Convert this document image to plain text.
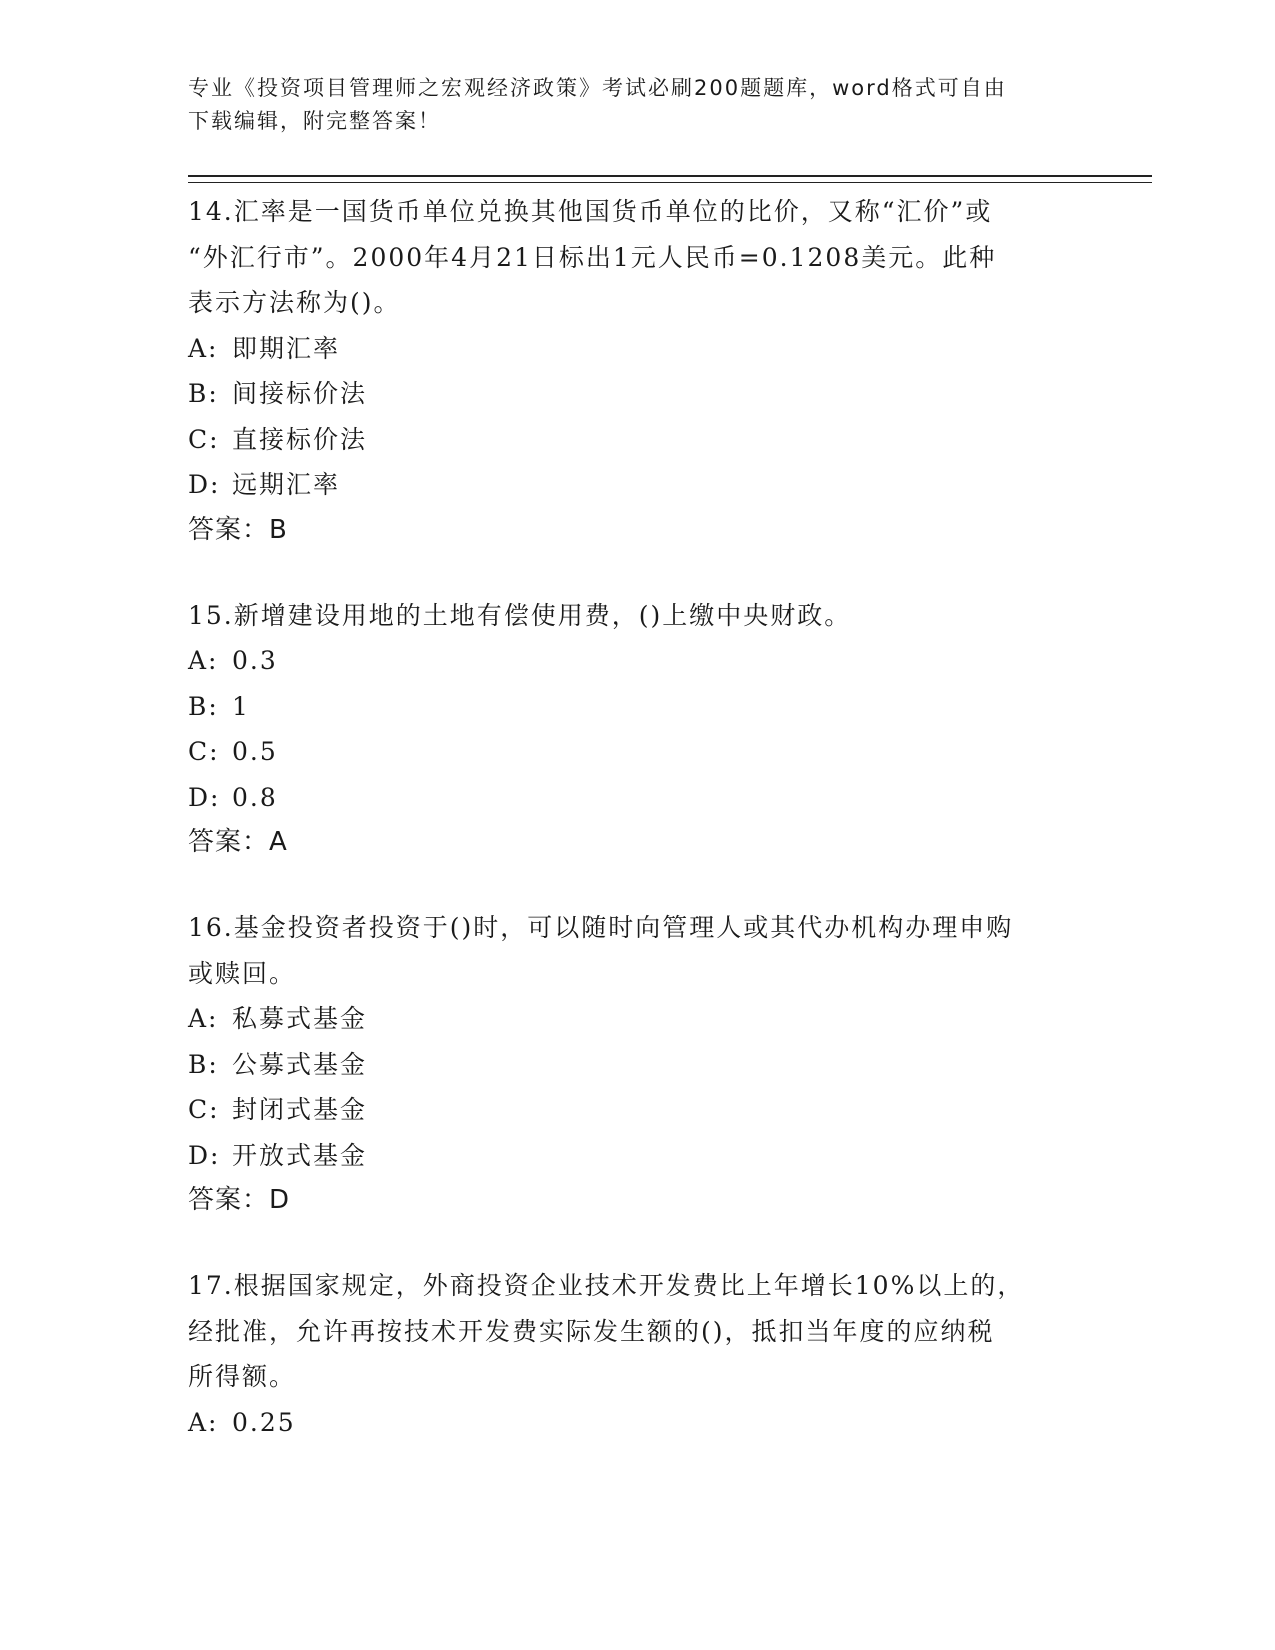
专业《投资项目管理师之宏观经济政策》考试必刷200题题库，word格式可自由
下载编辑，附完整答案！
14.汇率是一国货币单位兑换其他国货币单位的比价，又称“汇价”或
“外汇行市”。2000年4月21日标出1元人民币=0.1208美元。此种
表示方法称为()。
A: 即期汇率
B: 间接标价法
C: 直接标价法
D: 远期汇率
答案：B
15.新增建设用地的土地有偿使用费，()上缴中央财政。
A: 0.3
B: 1
C: 0.5
D: 0.8
答案：A
16.基金投资者投资于()时，可以随时向管理人或其代办机构办理申购
或赎回。
A: 私募式基金
B: 公募式基金
C: 封闭式基金
D: 开放式基金
答案：D
17.根据国家规定，外商投资企业技术开发费比上年增长10%以上的，
经批准，允许再按技术开发费实际发生额的()，抵扣当年度的应纳税
所得额。
A: 0.25
